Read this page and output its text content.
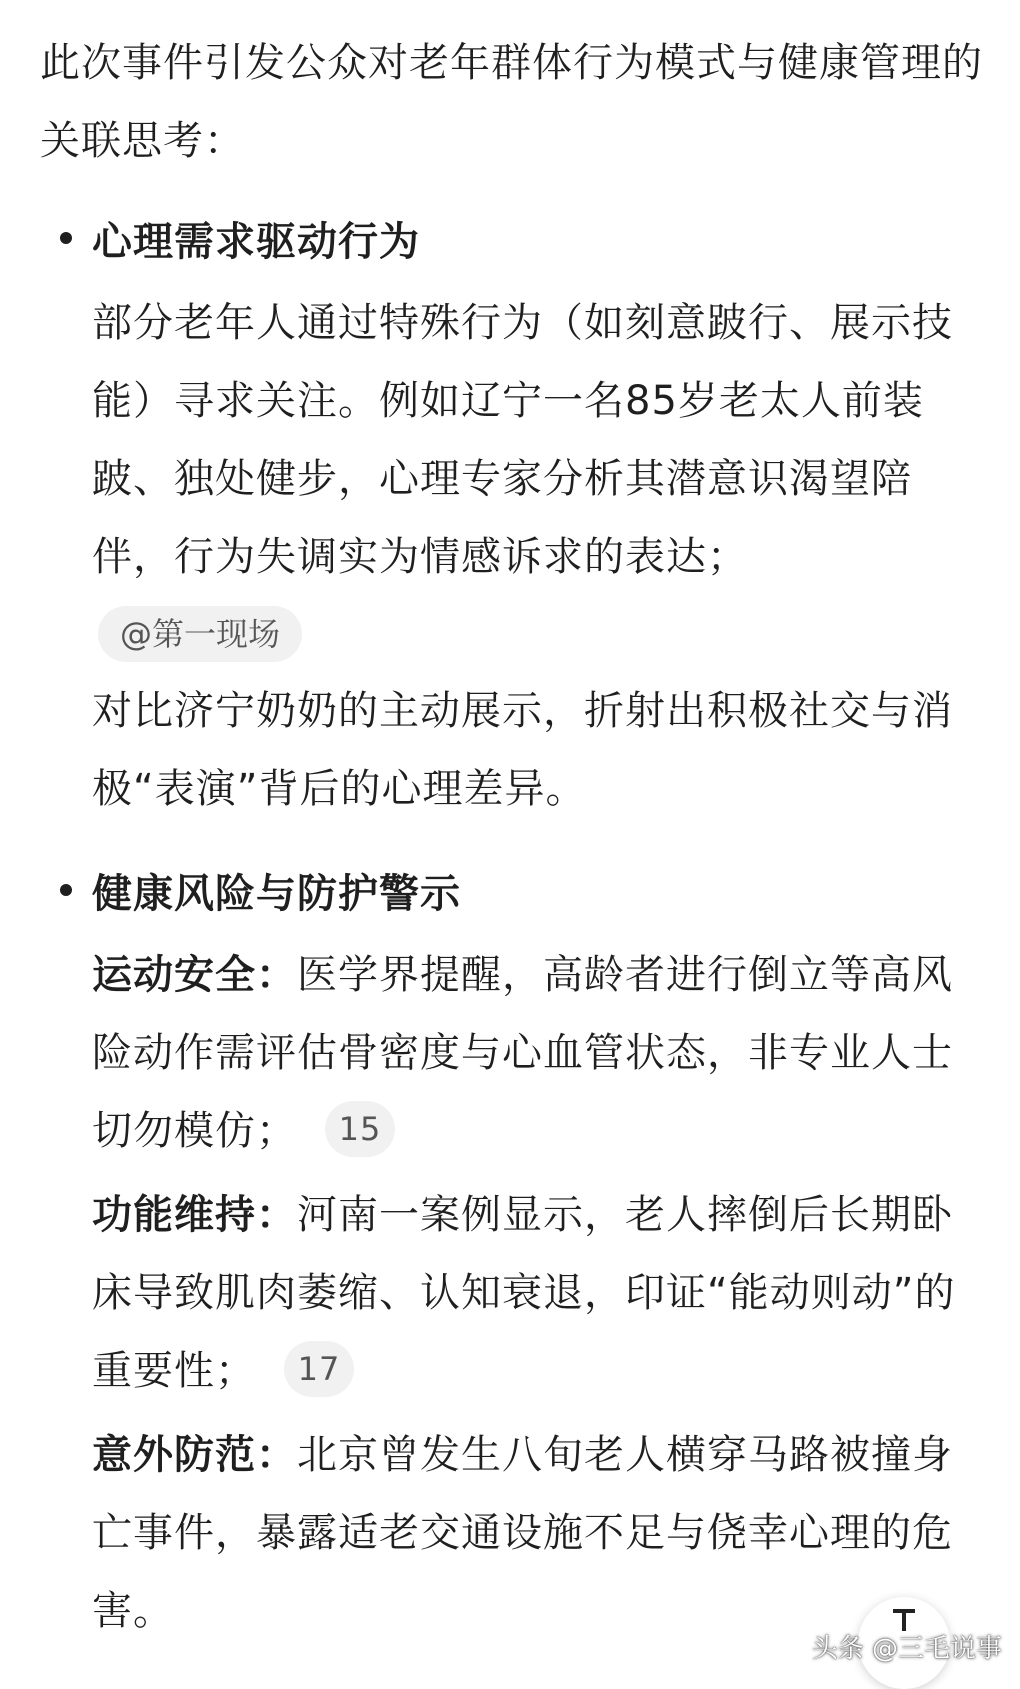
此次事件引发公众对老年群体行为模式与健康管理的关联思考：

心理需求驱动行为
部分老年人通过特殊行为（如刻意跛行、展示技能）寻求关注。例如辽宁一名85岁老太人前装跛、独处健步，心理专家分析其潜意识渴望陪伴，行为失调实为情感诉求的表达；
@第一现场
对比济宁奶奶的主动展示，折射出积极社交与消极“表演”背后的心理差异。
健康风险与防护警示
运动安全：医学界提醒，高龄者进行倒立等高风险动作需评估骨密度与心血管状态，非专业人士切勿模仿； 15
功能维持：河南一案例显示，老人摔倒后长期卧床导致肌肉萎缩、认知衰退，印证“能动则动”的重要性； 17
意外防范：北京曾发生八旬老人横穿马路被撞身亡事件，暴露适老交通设施不足与侥幸心理的危害。
头条 @三毛说事
